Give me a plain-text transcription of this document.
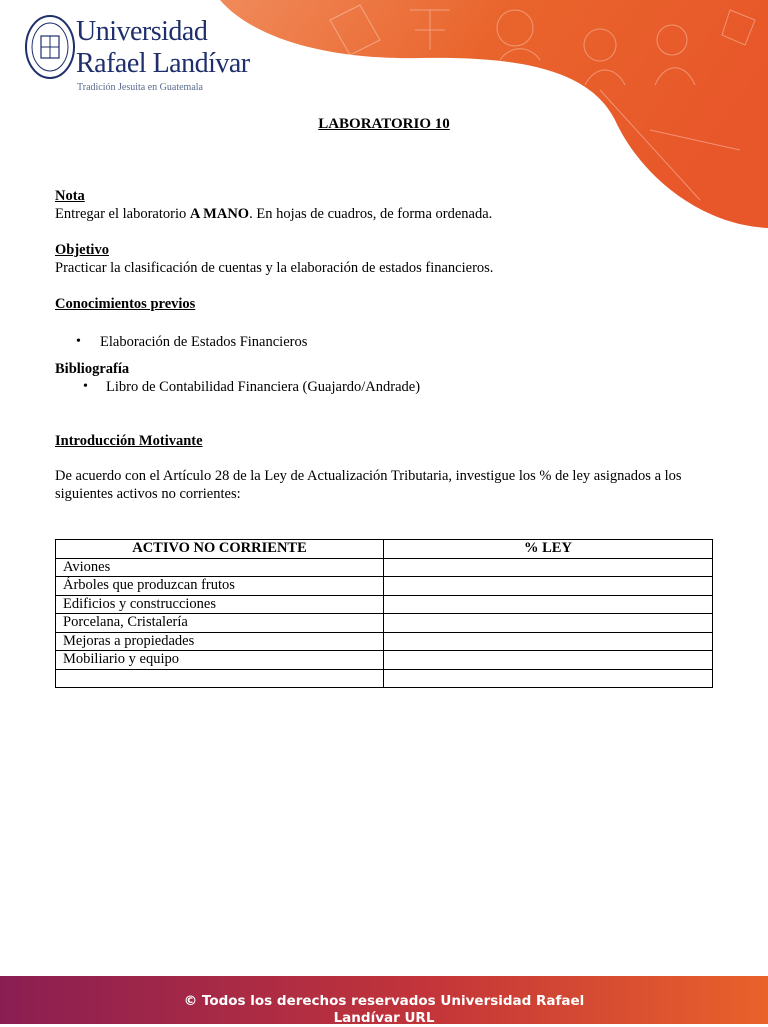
Universidad
Rafael Landívar
Tradición Jesuita en Guatemala
LABORATORIO 10
Nota
Entregar el laboratorio A MANO. En hojas de cuadros, de forma ordenada.
Objetivo
Practicar la clasificación de cuentas y la elaboración de estados financieros.
Conocimientos previos
• Elaboración de Estados Financieros
Bibliografía
• Libro de Contabilidad Financiera (Guajardo/Andrade)
Introducción Motivante
De acuerdo con el Artículo 28 de la Ley de Actualización Tributaria, investigue los % de ley asignados a los siguientes activos no corrientes:
ACTIVO NO CORRIENTE	% LEY
Aviones	
Árboles que produzcan frutos	
Edificios y construcciones	
Porcelana, Cristalería	
Mejoras a propiedades	
Mobiliario y equipo	

© Todos los derechos reservados Universidad Rafael
Landívar URL
